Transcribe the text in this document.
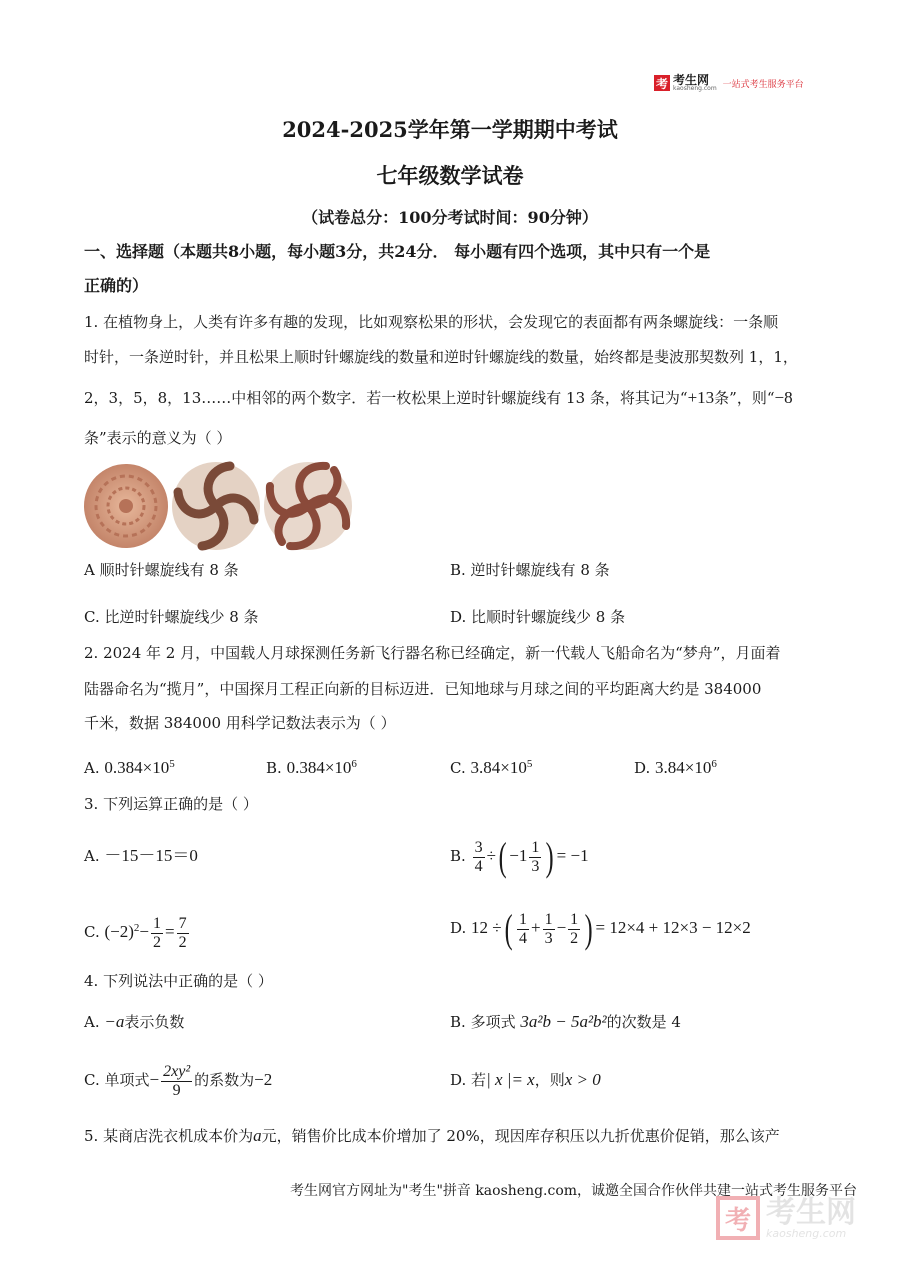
考 考生网
kaosheng.com 一站式考生服务平台
2024-2025学年第一学期期中考试
七年级数学试卷
（试卷总分：100分考试时间：90分钟）
一、选择题（本题共8小题，每小题3分，共24分． 每小题有四个选项，其中只有一个是
正确的）
1. 在植物身上，人类有许多有趣的发现，比如观察松果的形状，会发现它的表面都有两条螺旋线：一条顺
时针，一条逆时针，并且松果上顺时针螺旋线的数量和逆时针螺旋线的数量，始终都是斐波那契数列 1，1，
2，3，5，8，13……中相邻的两个数字．若一枚松果上逆时针螺旋线有 13 条，将其记为“+13条”，则“−8
条”表示的意义为（ ）
A 顺时针螺旋线有 8 条	B. 逆时针螺旋线有 8 条
C. 比逆时针螺旋线少 8 条	D. 比顺时针螺旋线少 8 条
2. 2024 年 2 月，中国载人月球探测任务新飞行器名称已经确定，新一代载人飞船命名为“梦舟”，月面着
陆器命名为“揽月”，中国探月工程正向新的目标迈进．已知地球与月球之间的平均距离大约是 384000
千米，数据 384000 用科学记数法表示为（ ）
A. $0.384\times 10^5$	B. $0.384\times 10^6$	C. $3.84\times 10^5$	D. $3.84\times 10^6$
3. 下列运算正确的是（ ）
A. －15－15＝0	B. $\frac{3}{4}$ ÷( $-1 \frac{1}{3}$ ) = −1
C. $(-2)^2- \frac{1}{2} = \frac{7}{2}$	D. 12 ÷( $\frac{1}{4} + \frac{1}{3} - \frac{1}{2}$ ) = 12×4 + 12×3 − 12×2
4. 下列说法中正确的是（ ）
A. −a表示负数	B. 多项式 3a²b − 5a²b²的次数是 4
C. 单项式− $\frac{\text{2xy²}}{9}$ 的系数为−2	D. 若| x |= x，则x > 0
5. 某商店洗衣机成本价为a元，销售价比成本价增加了 20%，现因库存积压以九折优惠价促销，那么该产
考生网官方网址为"考生"拼音 kaosheng.com，诚邀全国合作伙伴共建一站式考生服务平台
考 考生网
kaosheng.com
